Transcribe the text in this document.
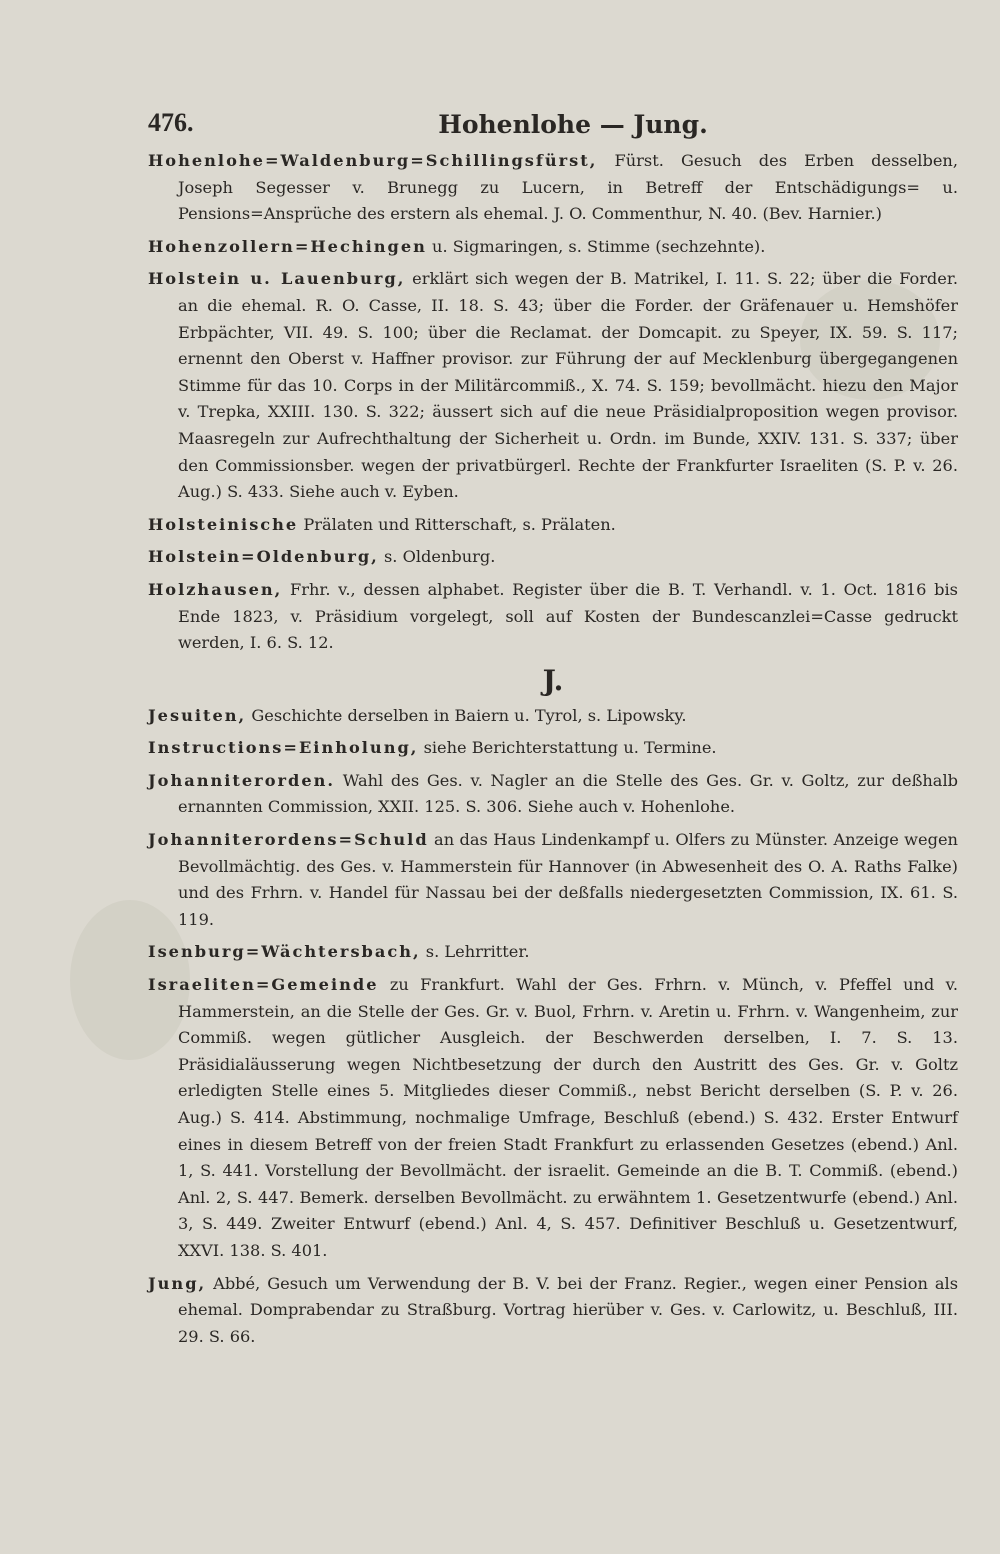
476.	Hohenlohe — Jung.

Hohenlohe=Waldenburg=Schillingsfürst, Fürst. Gesuch des Erben desselben, Joseph Segesser v. Brunegg zu Lucern, in Betreff der Entschädigungs= u. Pensions=Ansprüche des erstern als ehemal. J. O. Commenthur, N. 40. (Bev. Harnier.)

Hohenzollern=Hechingen u. Sigmaringen, s. Stimme (sechzehnte).

Holstein u. Lauenburg, erklärt sich wegen der B. Matrikel, I. 11. S. 22; über die Forder. an die ehemal. R. O. Casse, II. 18. S. 43; über die Forder. der Gräfenauer u. Hemshöfer Erbpächter, VII. 49. S. 100; über die Reclamat. der Domcapit. zu Speyer, IX. 59. S. 117; ernennt den Oberst v. Haffner provisor. zur Führung der auf Mecklenburg übergegangenen Stimme für das 10. Corps in der Militärcommiß., X. 74. S. 159; bevollmächt. hiezu den Major v. Trepka, XXIII. 130. S. 322; äussert sich auf die neue Präsidialproposition wegen provisor. Maasregeln zur Aufrechthaltung der Sicherheit u. Ordn. im Bunde, XXIV. 131. S. 337; über den Commissionsber. wegen der privatbürgerl. Rechte der Frankfurter Israeliten (S. P. v. 26. Aug.) S. 433. Siehe auch v. Eyben.

Holsteinische Prälaten und Ritterschaft, s. Prälaten.

Holstein=Oldenburg, s. Oldenburg.

Holzhausen, Frhr. v., dessen alphabet. Register über die B. T. Verhandl. v. 1. Oct. 1816 bis Ende 1823, v. Präsidium vorgelegt, soll auf Kosten der Bundescanzlei=Casse gedruckt werden, I. 6. S. 12.

J.

Jesuiten, Geschichte derselben in Baiern u. Tyrol, s. Lipowsky.

Instructions=Einholung, siehe Berichterstattung u. Termine.

Johanniterorden. Wahl des Ges. v. Nagler an die Stelle des Ges. Gr. v. Goltz, zur deßhalb ernannten Commission, XXII. 125. S. 306. Siehe auch v. Hohenlohe.

Johanniterordens=Schuld an das Haus Lindenkampf u. Olfers zu Münster. Anzeige wegen Bevollmächtig. des Ges. v. Hammerstein für Hannover (in Abwesenheit des O. A. Raths Falke) und des Frhrn. v. Handel für Nassau bei der deßfalls niedergesetzten Commission, IX. 61. S. 119.

Isenburg=Wächtersbach, s. Lehrritter.

Israeliten=Gemeinde zu Frankfurt. Wahl der Ges. Frhrn. v. Münch, v. Pfeffel und v. Hammerstein, an die Stelle der Ges. Gr. v. Buol, Frhrn. v. Aretin u. Frhrn. v. Wangenheim, zur Commiß. wegen gütlicher Ausgleich. der Beschwerden derselben, I. 7. S. 13. Präsidialäusserung wegen Nichtbesetzung der durch den Austritt des Ges. Gr. v. Goltz erledigten Stelle eines 5. Mitgliedes dieser Commiß., nebst Bericht derselben (S. P. v. 26. Aug.) S. 414. Abstimmung, nochmalige Umfrage, Beschluß (ebend.) S. 432. Erster Entwurf eines in diesem Betreff von der freien Stadt Frankfurt zu erlassenden Gesetzes (ebend.) Anl. 1, S. 441. Vorstellung der Bevollmächt. der israelit. Gemeinde an die B. T. Commiß. (ebend.) Anl. 2, S. 447. Bemerk. derselben Bevollmächt. zu erwähntem 1. Gesetzentwurfe (ebend.) Anl. 3, S. 449. Zweiter Entwurf (ebend.) Anl. 4, S. 457. Definitiver Beschluß u. Gesetzentwurf, XXVI. 138. S. 401.

Jung, Abbé, Gesuch um Verwendung der B. V. bei der Franz. Regier., wegen einer Pension als ehemal. Domprabendar zu Straßburg. Vortrag hierüber v. Ges. v. Carlowitz, u. Beschluß, III. 29. S. 66.
